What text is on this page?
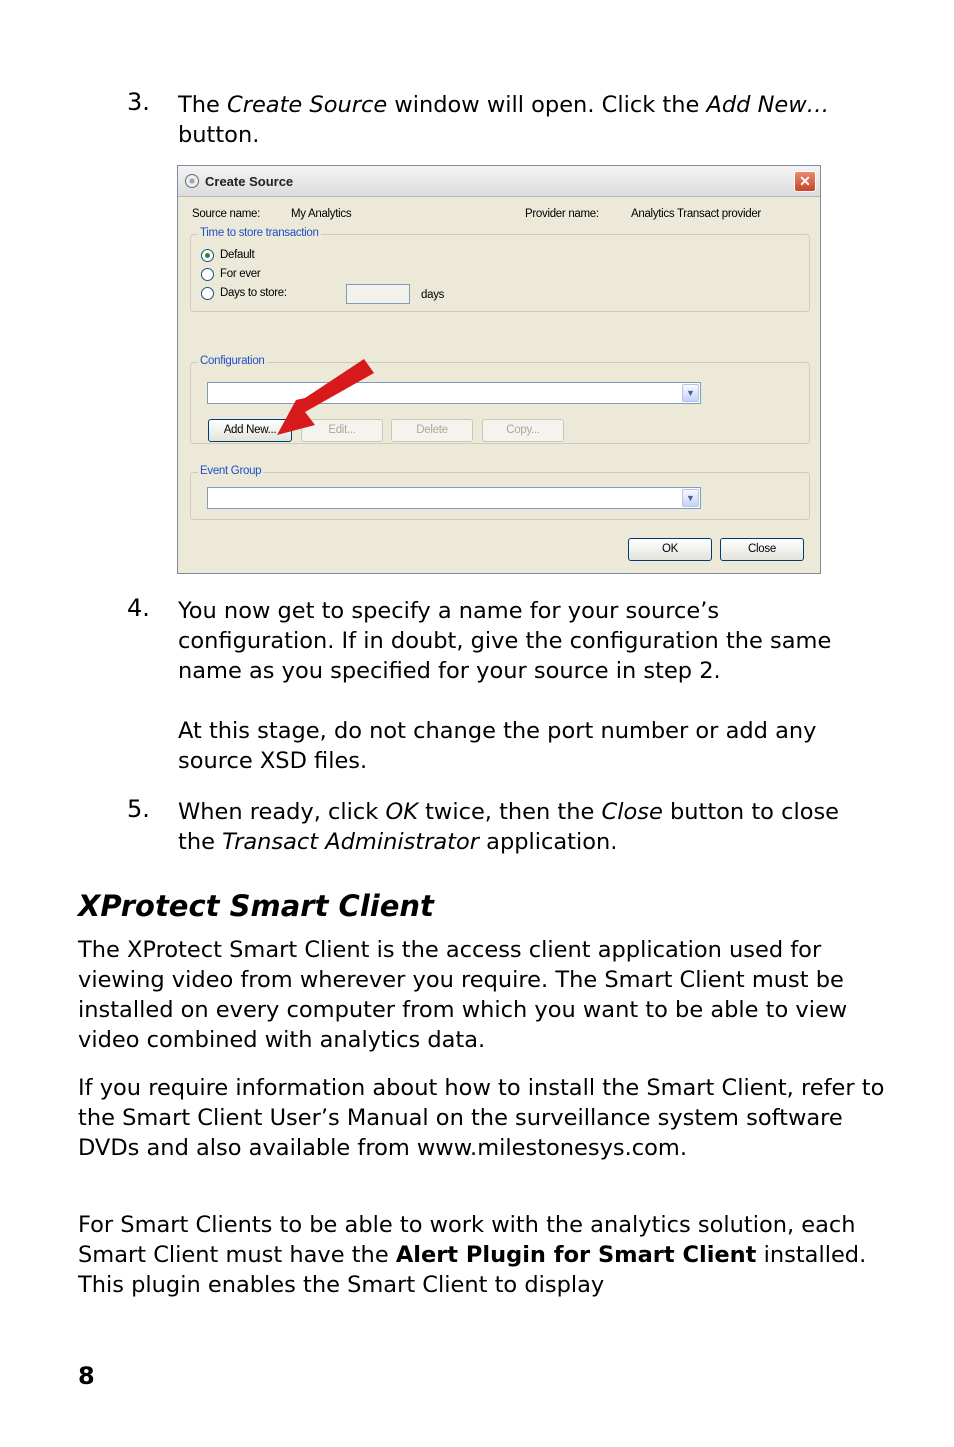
3. The Create Source window will open. Click the Add New… button.

Create Source	✕
Source name:	My Analytics	Provider name:	Analytics Transact provider
Time to store transaction
Default
For ever
Days to store:	days
Configuration
▼
Add New...	Edit...	Delete	Copy...
Event Group
▼
OK	Close
4. You now get to specify a name for your source’s configuration. If in doubt, give the configuration the same name as you specified for your source in step 2.

At this stage, do not change the port number or add any source XSD files.

5. When ready, click OK twice, then the Close button to close the Transact Administrator application.

XProtect Smart Client

The XProtect Smart Client is the access client application used for viewing video from wherever you require. The Smart Client must be installed on every computer from which you want to be able to view video combined with analytics data.

If you require information about how to install the Smart Client, refer to the Smart Client User’s Manual on the surveillance system software DVDs and also available from www.milestonesys.com.

For Smart Clients to be able to work with the analytics solution, each Smart Client must have the Alert Plugin for Smart Client installed. This plugin enables the Smart Client to display

8
